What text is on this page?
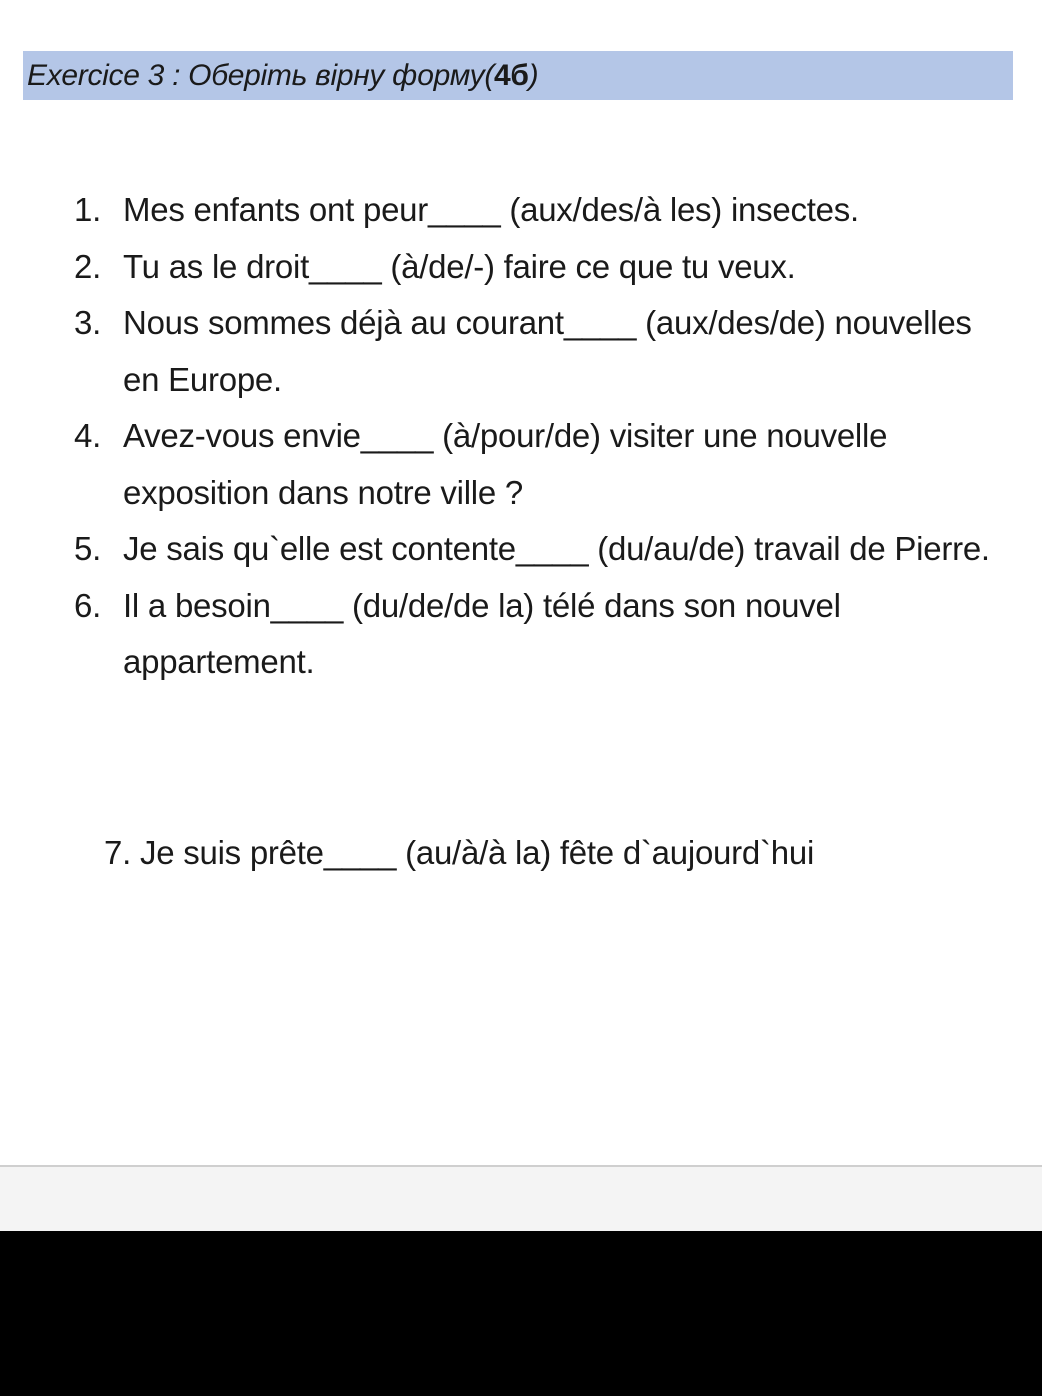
Exercice 3 : Оберіть вірну форму( 4б )
1. Mes enfants ont peur____ (aux/des/à les) insectes.
2. Tu as le droit____ (à/de/-) faire ce que tu veux.
3. Nous sommes déjà au courant____ (aux/des/de) nouvelles en Europe.
4. Avez-vous envie____ (à/pour/de) visiter une nouvelle exposition dans notre ville ?
5. Je sais qu`elle est contente____ (du/au/de) travail de Pierre.
6. Il a besoin____ (du/de/de la) télé dans son nouvel appartement.
7. Je suis prête____ (au/à/à la) fête d`aujourd`hui
